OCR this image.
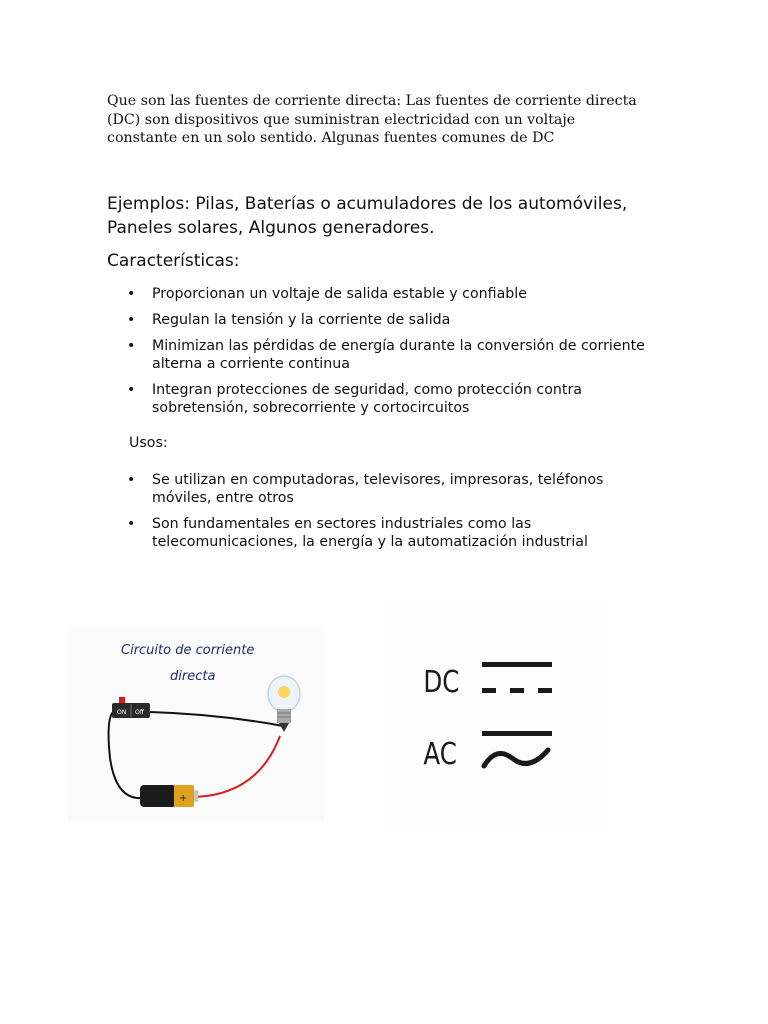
Que son las fuentes de corriente directa: Las fuentes de corriente directa (DC) son dispositivos que suministran electricidad con un voltaje constante en un solo sentido. Algunas fuentes comunes de DC

Ejemplos: Pilas, Baterías o acumuladores de los automóviles, Paneles solares, Algunos generadores.

Características:

• Proporcionan un voltaje de salida estable y confiable
• Regulan la tensión y la corriente de salida
• Minimizan las pérdidas de energía durante la conversión de corriente alterna a corriente continua
• Integran protecciones de seguridad, como protección contra sobretensión, sobrecorriente y cortocircuitos

Usos:

• Se utilizan en computadoras, televisores, impresoras, teléfonos móviles, entre otros
• Son fundamentales en sectores industriales como las telecomunicaciones, la energía y la automatización industrial
Circuito de corriente
directa
ON Off
+
DC
AC
